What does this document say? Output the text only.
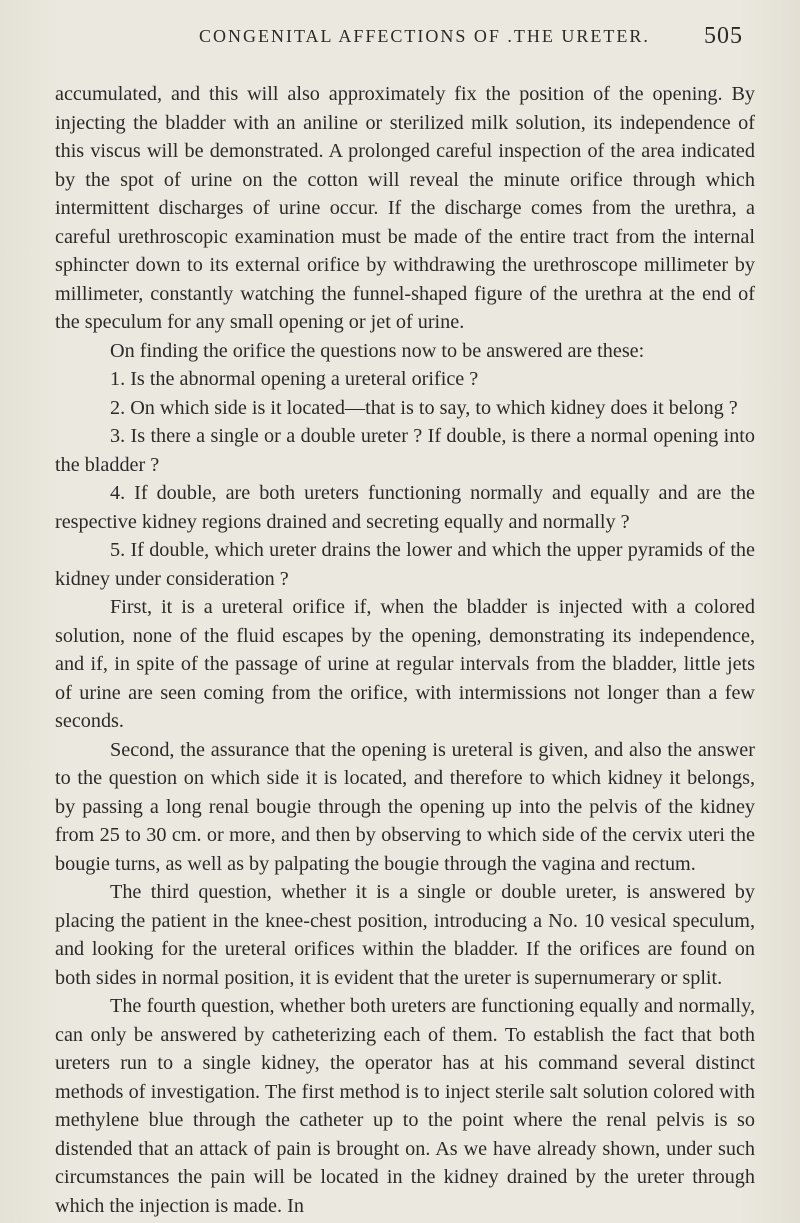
CONGENITAL AFFECTIONS OF .THE URETER. 505

accumulated, and this will also approximately fix the position of the opening. By injecting the bladder with an aniline or sterilized milk solution, its independence of this viscus will be demonstrated. A prolonged careful inspection of the area indicated by the spot of urine on the cotton will reveal the minute orifice through which intermittent discharges of urine occur. If the discharge comes from the urethra, a careful urethroscopic examination must be made of the entire tract from the internal sphincter down to its external orifice by withdrawing the urethroscope millimeter by millimeter, constantly watching the funnel-shaped figure of the urethra at the end of the speculum for any small opening or jet of urine.

On finding the orifice the questions now to be answered are these:

1. Is the abnormal opening a ureteral orifice ?

2. On which side is it located—that is to say, to which kidney does it belong ?

3. Is there a single or a double ureter ? If double, is there a normal opening into the bladder ?

4. If double, are both ureters functioning normally and equally and are the respective kidney regions drained and secreting equally and normally ?

5. If double, which ureter drains the lower and which the upper pyramids of the kidney under consideration ?

First, it is a ureteral orifice if, when the bladder is injected with a colored solution, none of the fluid escapes by the opening, demonstrating its independence, and if, in spite of the passage of urine at regular intervals from the bladder, little jets of urine are seen coming from the orifice, with intermissions not longer than a few seconds.

Second, the assurance that the opening is ureteral is given, and also the answer to the question on which side it is located, and therefore to which kidney it belongs, by passing a long renal bougie through the opening up into the pelvis of the kidney from 25 to 30 cm. or more, and then by observing to which side of the cervix uteri the bougie turns, as well as by palpating the bougie through the vagina and rectum.

The third question, whether it is a single or double ureter, is answered by placing the patient in the knee-chest position, introducing a No. 10 vesical speculum, and looking for the ureteral orifices within the bladder. If the orifices are found on both sides in normal position, it is evident that the ureter is supernumerary or split.

The fourth question, whether both ureters are functioning equally and normally, can only be answered by catheterizing each of them. To establish the fact that both ureters run to a single kidney, the operator has at his command several distinct methods of investigation. The first method is to inject sterile salt solution colored with methylene blue through the catheter up to the point where the renal pelvis is so distended that an attack of pain is brought on. As we have already shown, under such circumstances the pain will be located in the kidney drained by the ureter through which the injection is made. In
